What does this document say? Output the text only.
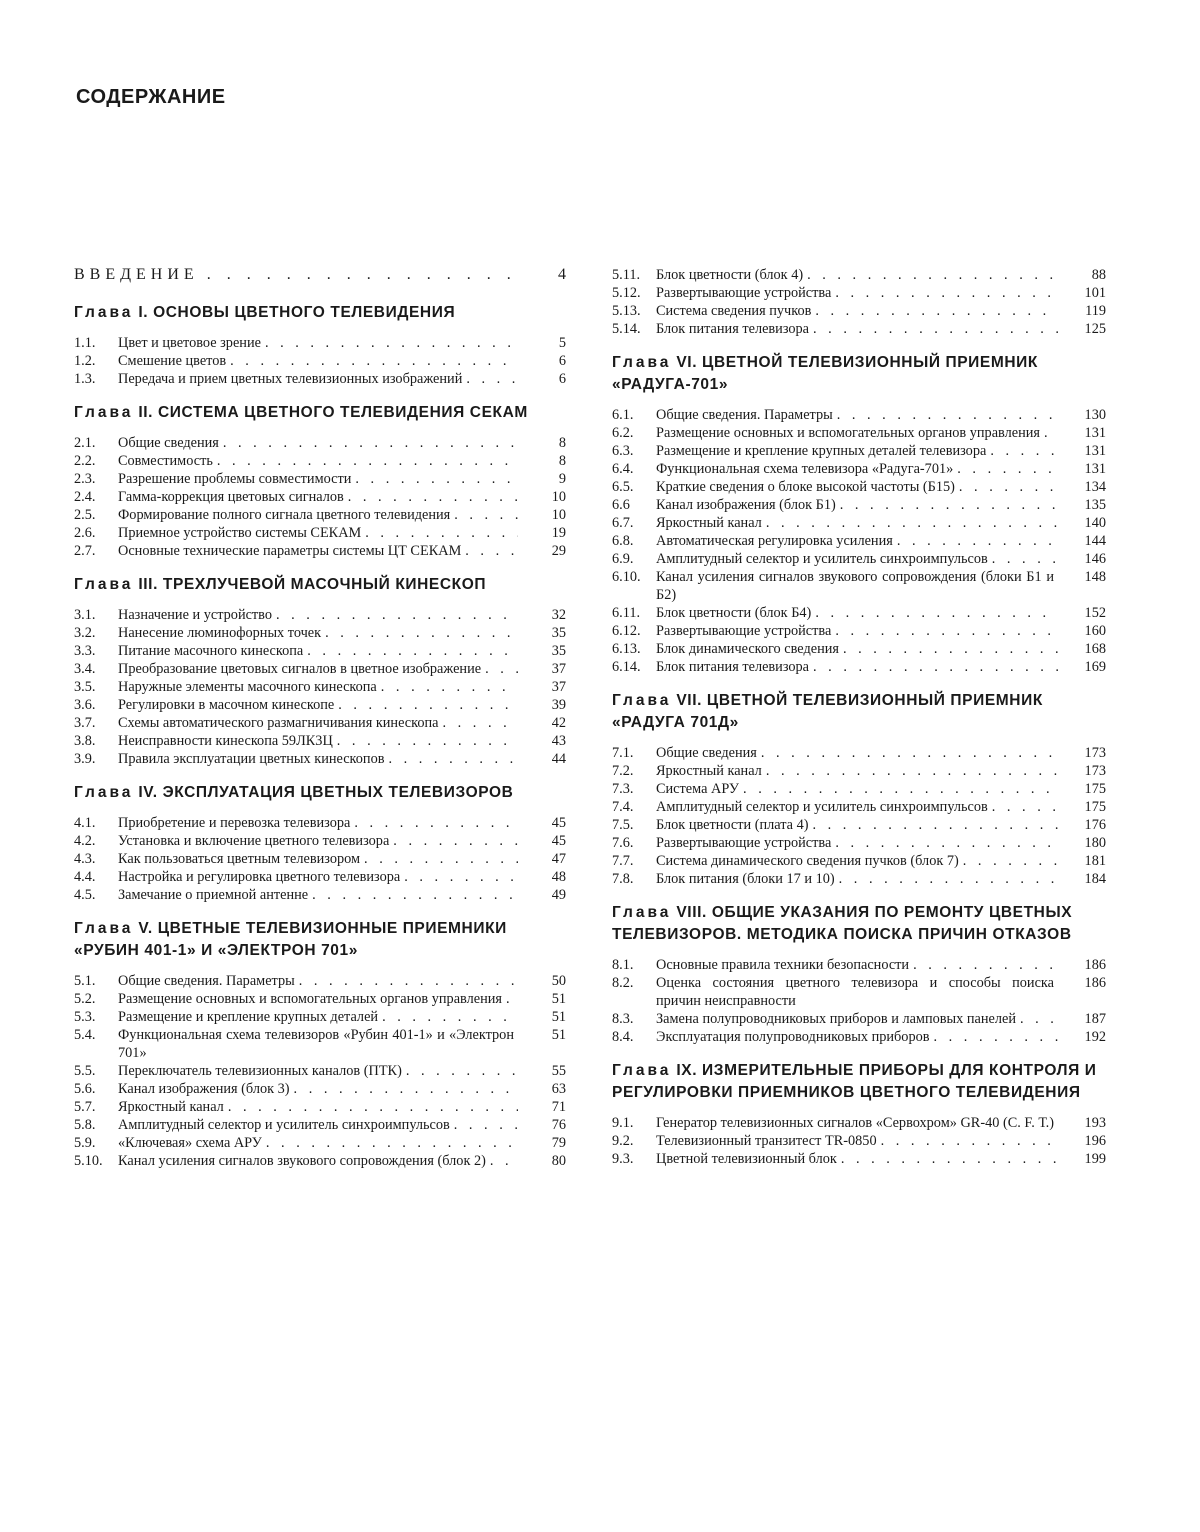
СОДЕРЖАНИЕ
ВВЕДЕНИЕ
. . .	4
Глава I. ОСНОВЫ ЦВЕТНОГО ТЕЛЕВИДЕНИЯ
1.1.	Цвет и цветовое зрение
. . .	5
1.2.	Смешение цветов
. . .	6
1.3.	Передача и прием цветных телевизионных изображений
. . .	6
Глава II. СИСТЕМА ЦВЕТНОГО ТЕЛЕВИДЕНИЯ СЕКАМ
2.1.	Общие сведения
. . .	8
2.2.	Совместимость
. . .	8
2.3.	Разрешение проблемы совместимости
. . .	9
2.4.	Гамма-коррекция цветовых сигналов
. . .	10
2.5.	Формирование полного сигнала цветного телевидения
. . .	10
2.6.	Приемное устройство системы СЕКАМ
. . .	19
2.7.	Основные технические параметры системы ЦТ СЕКАМ
. . .	29
Глава III. ТРЕХЛУЧЕВОЙ МАСОЧНЫЙ КИНЕСКОП
3.1.	Назначение и устройство
. . .	32
3.2.	Нанесение люминофорных точек
. . .	35
3.3.	Питание масочного кинескопа
. . .	35
3.4.	Преобразование цветовых сигналов в цветное изображение
. . .	37
3.5.	Наружные элементы масочного кинескопа
. . .	37
3.6.	Регулировки в масочном кинескопе
. . .	39
3.7.	Схемы автоматического размагничивания кинескопа
. . .	42
3.8.	Неисправности кинескопа 59ЛК3Ц
. . .	43
3.9.	Правила эксплуатации цветных кинескопов
. . .	44
Глава IV. ЭКСПЛУАТАЦИЯ ЦВЕТНЫХ ТЕЛЕВИЗОРОВ
4.1.	Приобретение и перевозка телевизора
. . .	45
4.2.	Установка и включение цветного телевизора
. . .	45
4.3.	Как пользоваться цветным телевизором
. . .	47
4.4.	Настройка и регулировка цветного телевизора
. . .	48
4.5.	Замечание о приемной антенне
. . .	49
Глава V. ЦВЕТНЫЕ ТЕЛЕВИЗИОННЫЕ ПРИЕМНИКИ «РУБИН 401-1» И «ЭЛЕКТРОН 701»
5.1.	Общие сведения. Параметры
. . .	50
5.2.	Размещение основных и вспомогательных органов управления
. . .	51
5.3.	Размещение и крепление крупных деталей
. . .	51
5.4.	Функциональная схема телевизоров «Рубин 401-1» и «Электрон 701»
. . .
51
5.5.	Переключатель телевизионных каналов (ПТК)
. . .	55
5.6.	Канал изображения (блок 3)
. . .	63
5.7.	Яркостный канал
. . .	71
5.8.	Амплитудный селектор и усилитель синхроимпульсов
. . .	76
5.9.	«Ключевая» схема АРУ
. . .	79
5.10.	Канал усиления сигналов звукового сопровождения (блок 2)
. . .	80
5.11.	Блок цветности (блок 4)
. . .	88
5.12.	Развертывающие устройства
. . .	101
5.13.	Система сведения пучков
. . .	119
5.14.	Блок питания телевизора
. . .	125
Глава VI. ЦВЕТНОЙ ТЕЛЕВИЗИОННЫЙ ПРИЕМНИК «РАДУГА-701»
6.1.	Общие сведения. Параметры
. . .	130
6.2.	Размещение основных и вспомогательных органов управления
. . .	131
6.3.	Размещение и крепление крупных деталей телевизора
. . .	131
6.4.	Функциональная схема телевизора «Радуга-701»
. . .	131
6.5.	Краткие сведения о блоке высокой частоты (Б15)
. . .	134
6.6	Канал изображения (блок Б1)
. . .	135
6.7.	Яркостный канал
. . .	140
6.8.	Автоматическая регулировка усиления
. . .	144
6.9.	Амплитудный селектор и усилитель синхроимпульсов
. . .	146
6.10.	Канал усиления сигналов звукового сопровождения (блоки Б1 и Б2)
. . .
148
6.11.	Блок цветности (блок Б4)
. . .	152
6.12.	Развертывающие устройства
. . .	160
6.13.	Блок динамического сведения
. . .	168
6.14.	Блок питания телевизора
. . .	169
Глава VII. ЦВЕТНОЙ ТЕЛЕВИЗИОННЫЙ ПРИЕМНИК «РАДУГА 701Д»
7.1.	Общие сведения
. . .	173
7.2.	Яркостный канал
. . .	173
7.3.	Система АРУ
. . .	175
7.4.	Амплитудный селектор и усилитель синхроимпульсов
. . .	175
7.5.	Блок цветности (плата 4)
. . .	176
7.6.	Развертывающие устройства
. . .	180
7.7.	Система динамического сведения пучков (блок 7)
. . .	181
7.8.	Блок питания (блоки 17 и 10)
. . .	184
Глава VIII. ОБЩИЕ УКАЗАНИЯ ПО РЕМОНТУ ЦВЕТНЫХ ТЕЛЕВИЗОРОВ. МЕТОДИКА ПОИСКА ПРИЧИН ОТКАЗОВ
8.1.	Основные правила техники безопасности
. . .	186
8.2.	Оценка состояния цветного телевизора и способы поиска причин неисправности
. . .
186
8.3.	Замена полупроводниковых приборов и ламповых панелей
. . .	187
8.4.	Эксплуатация полупроводниковых приборов
. . .	192
Глава IX. ИЗМЕРИТЕЛЬНЫЕ ПРИБОРЫ ДЛЯ КОНТРОЛЯ И РЕГУЛИРОВКИ ПРИЕМНИКОВ ЦВЕТНОГО ТЕЛЕВИДЕНИЯ
9.1.	Генератор телевизионных сигналов «Сервохром» GR-40 (С. F. Т.)
. . .	193
9.2.	Телевизионный транзитест TR-0850
. . .	196
9.3.	Цветной телевизионный блок
. . .	199
